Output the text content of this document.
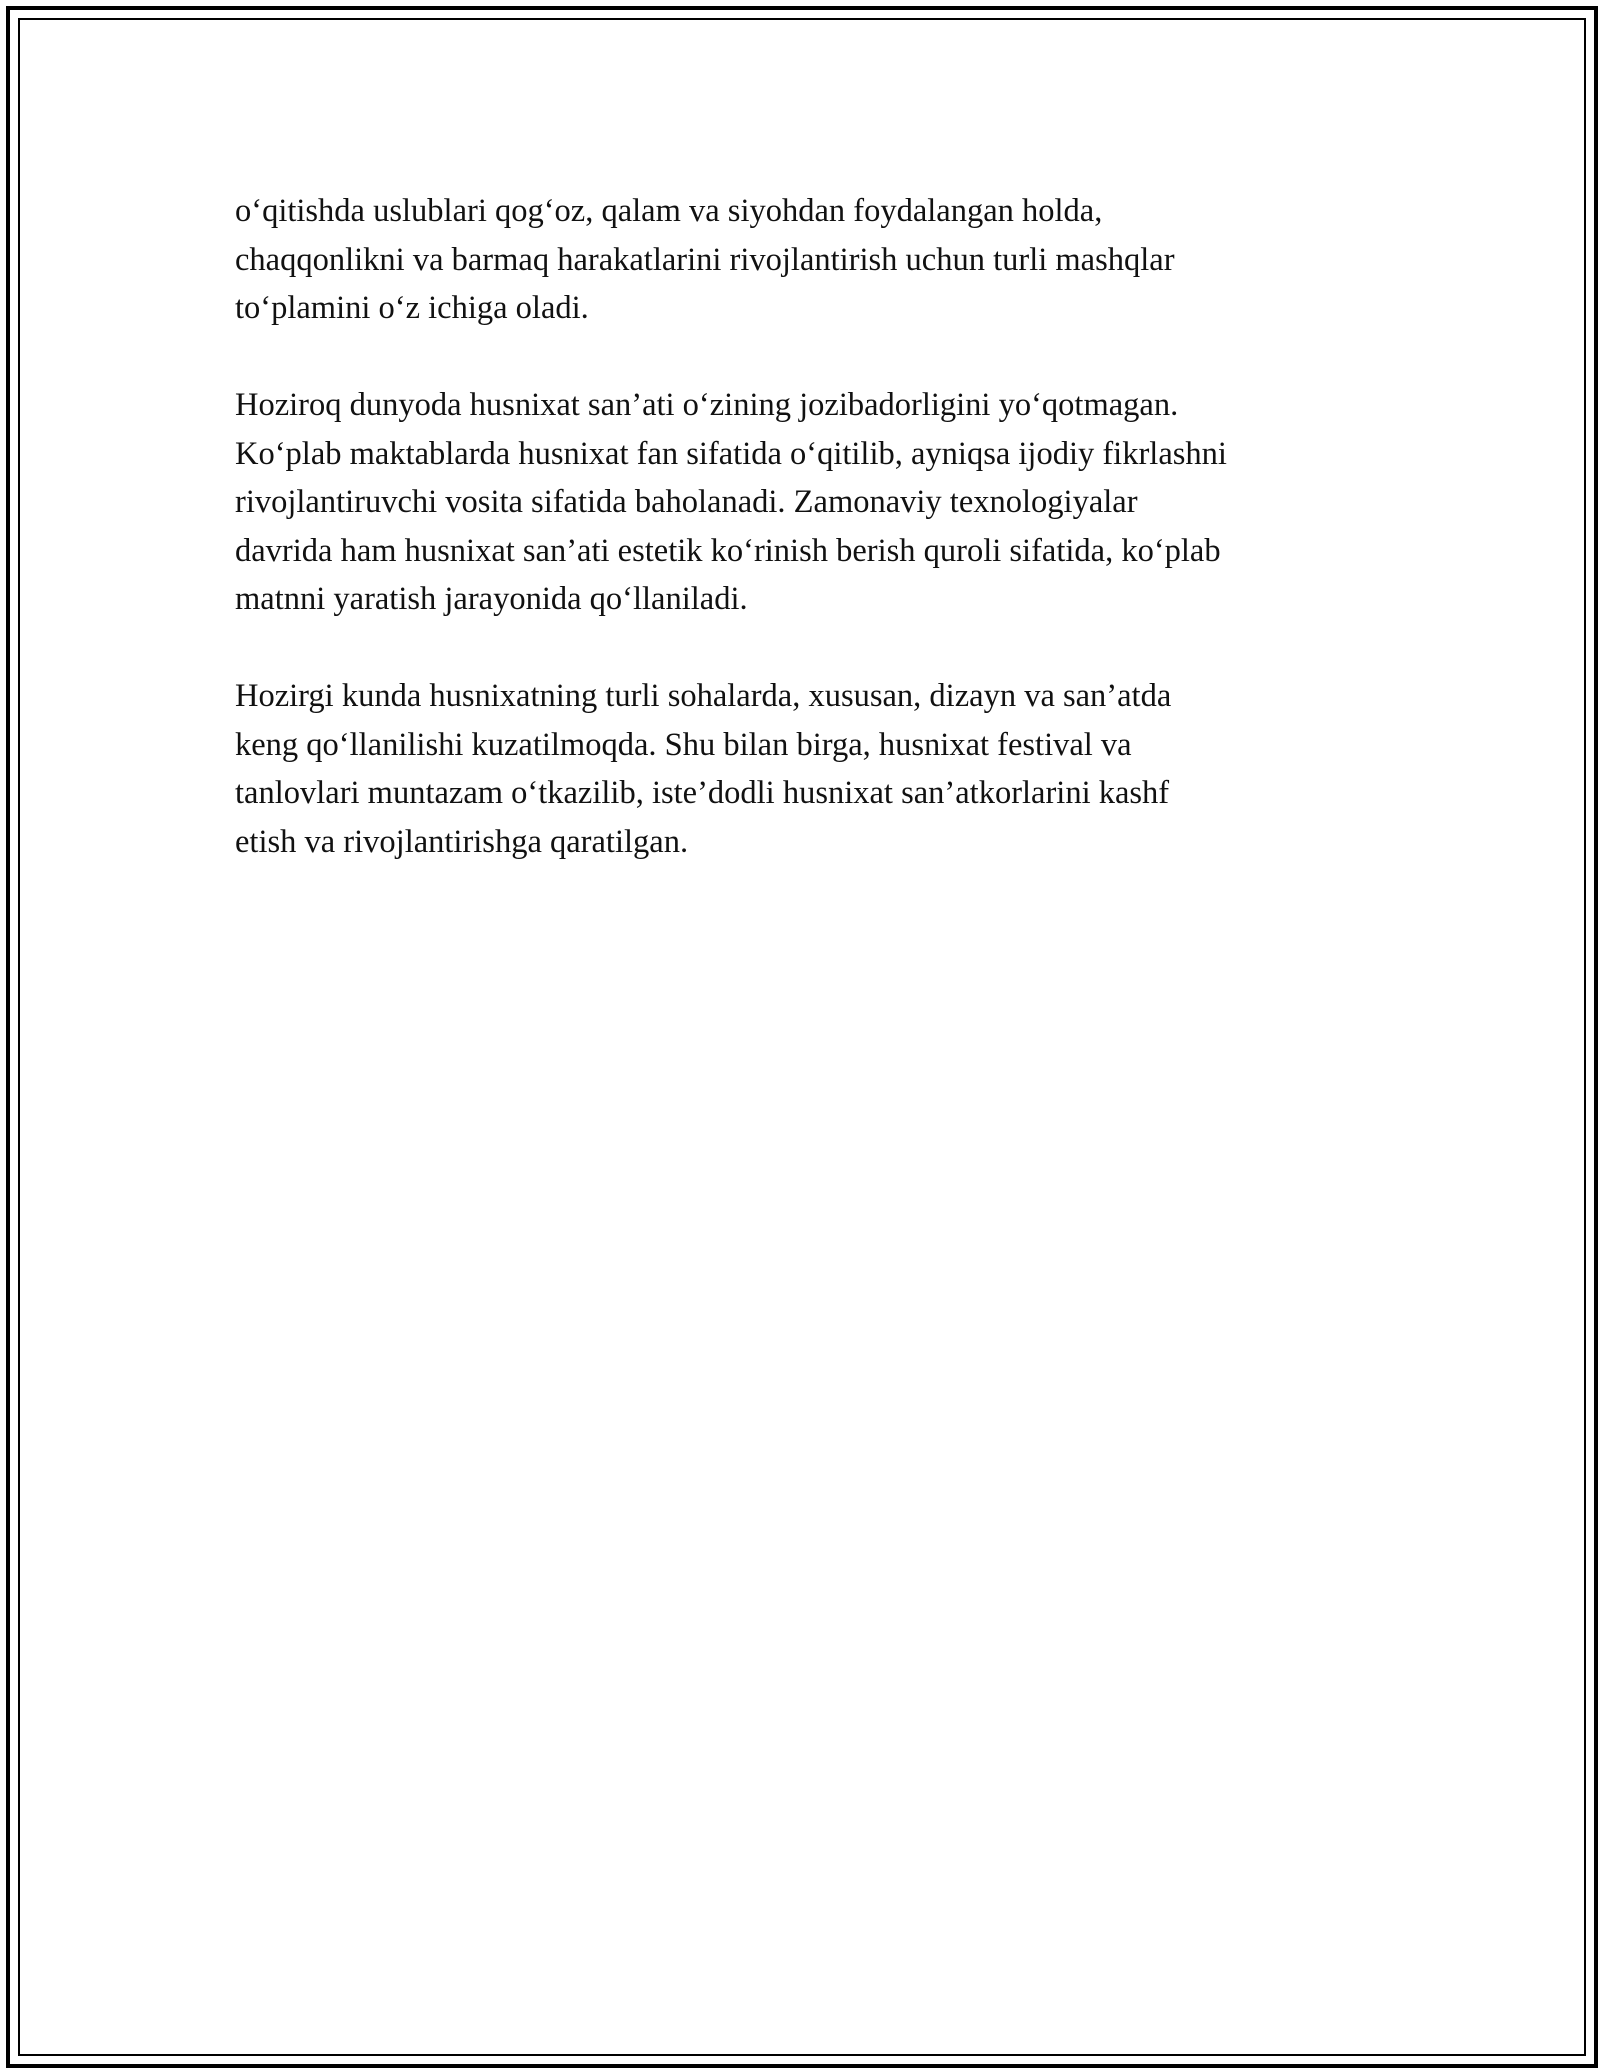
o‘qitishda uslublari qog‘oz, qalam va siyohdan foydalangan holda,
chaqqonlikni va barmaq harakatlarini rivojlantirish uchun turli mashqlar
to‘plamini o‘z ichiga oladi.

Hoziroq dunyoda husnixat san’ati o‘zining jozibadorligini yo‘qotmagan.
Ko‘plab maktablarda husnixat fan sifatida o‘qitilib, ayniqsa ijodiy fikrlashni
rivojlantiruvchi vosita sifatida baholanadi. Zamonaviy texnologiyalar
davrida ham husnixat san’ati estetik ko‘rinish berish quroli sifatida, ko‘plab
matnni yaratish jarayonida qo‘llaniladi.

Hozirgi kunda husnixatning turli sohalarda, xususan, dizayn va san’atda
keng qo‘llanilishi kuzatilmoqda. Shu bilan birga, husnixat festival va
tanlovlari muntazam o‘tkazilib, iste’dodli husnixat san’atkorlarini kashf
etish va rivojlantirishga qaratilgan.
